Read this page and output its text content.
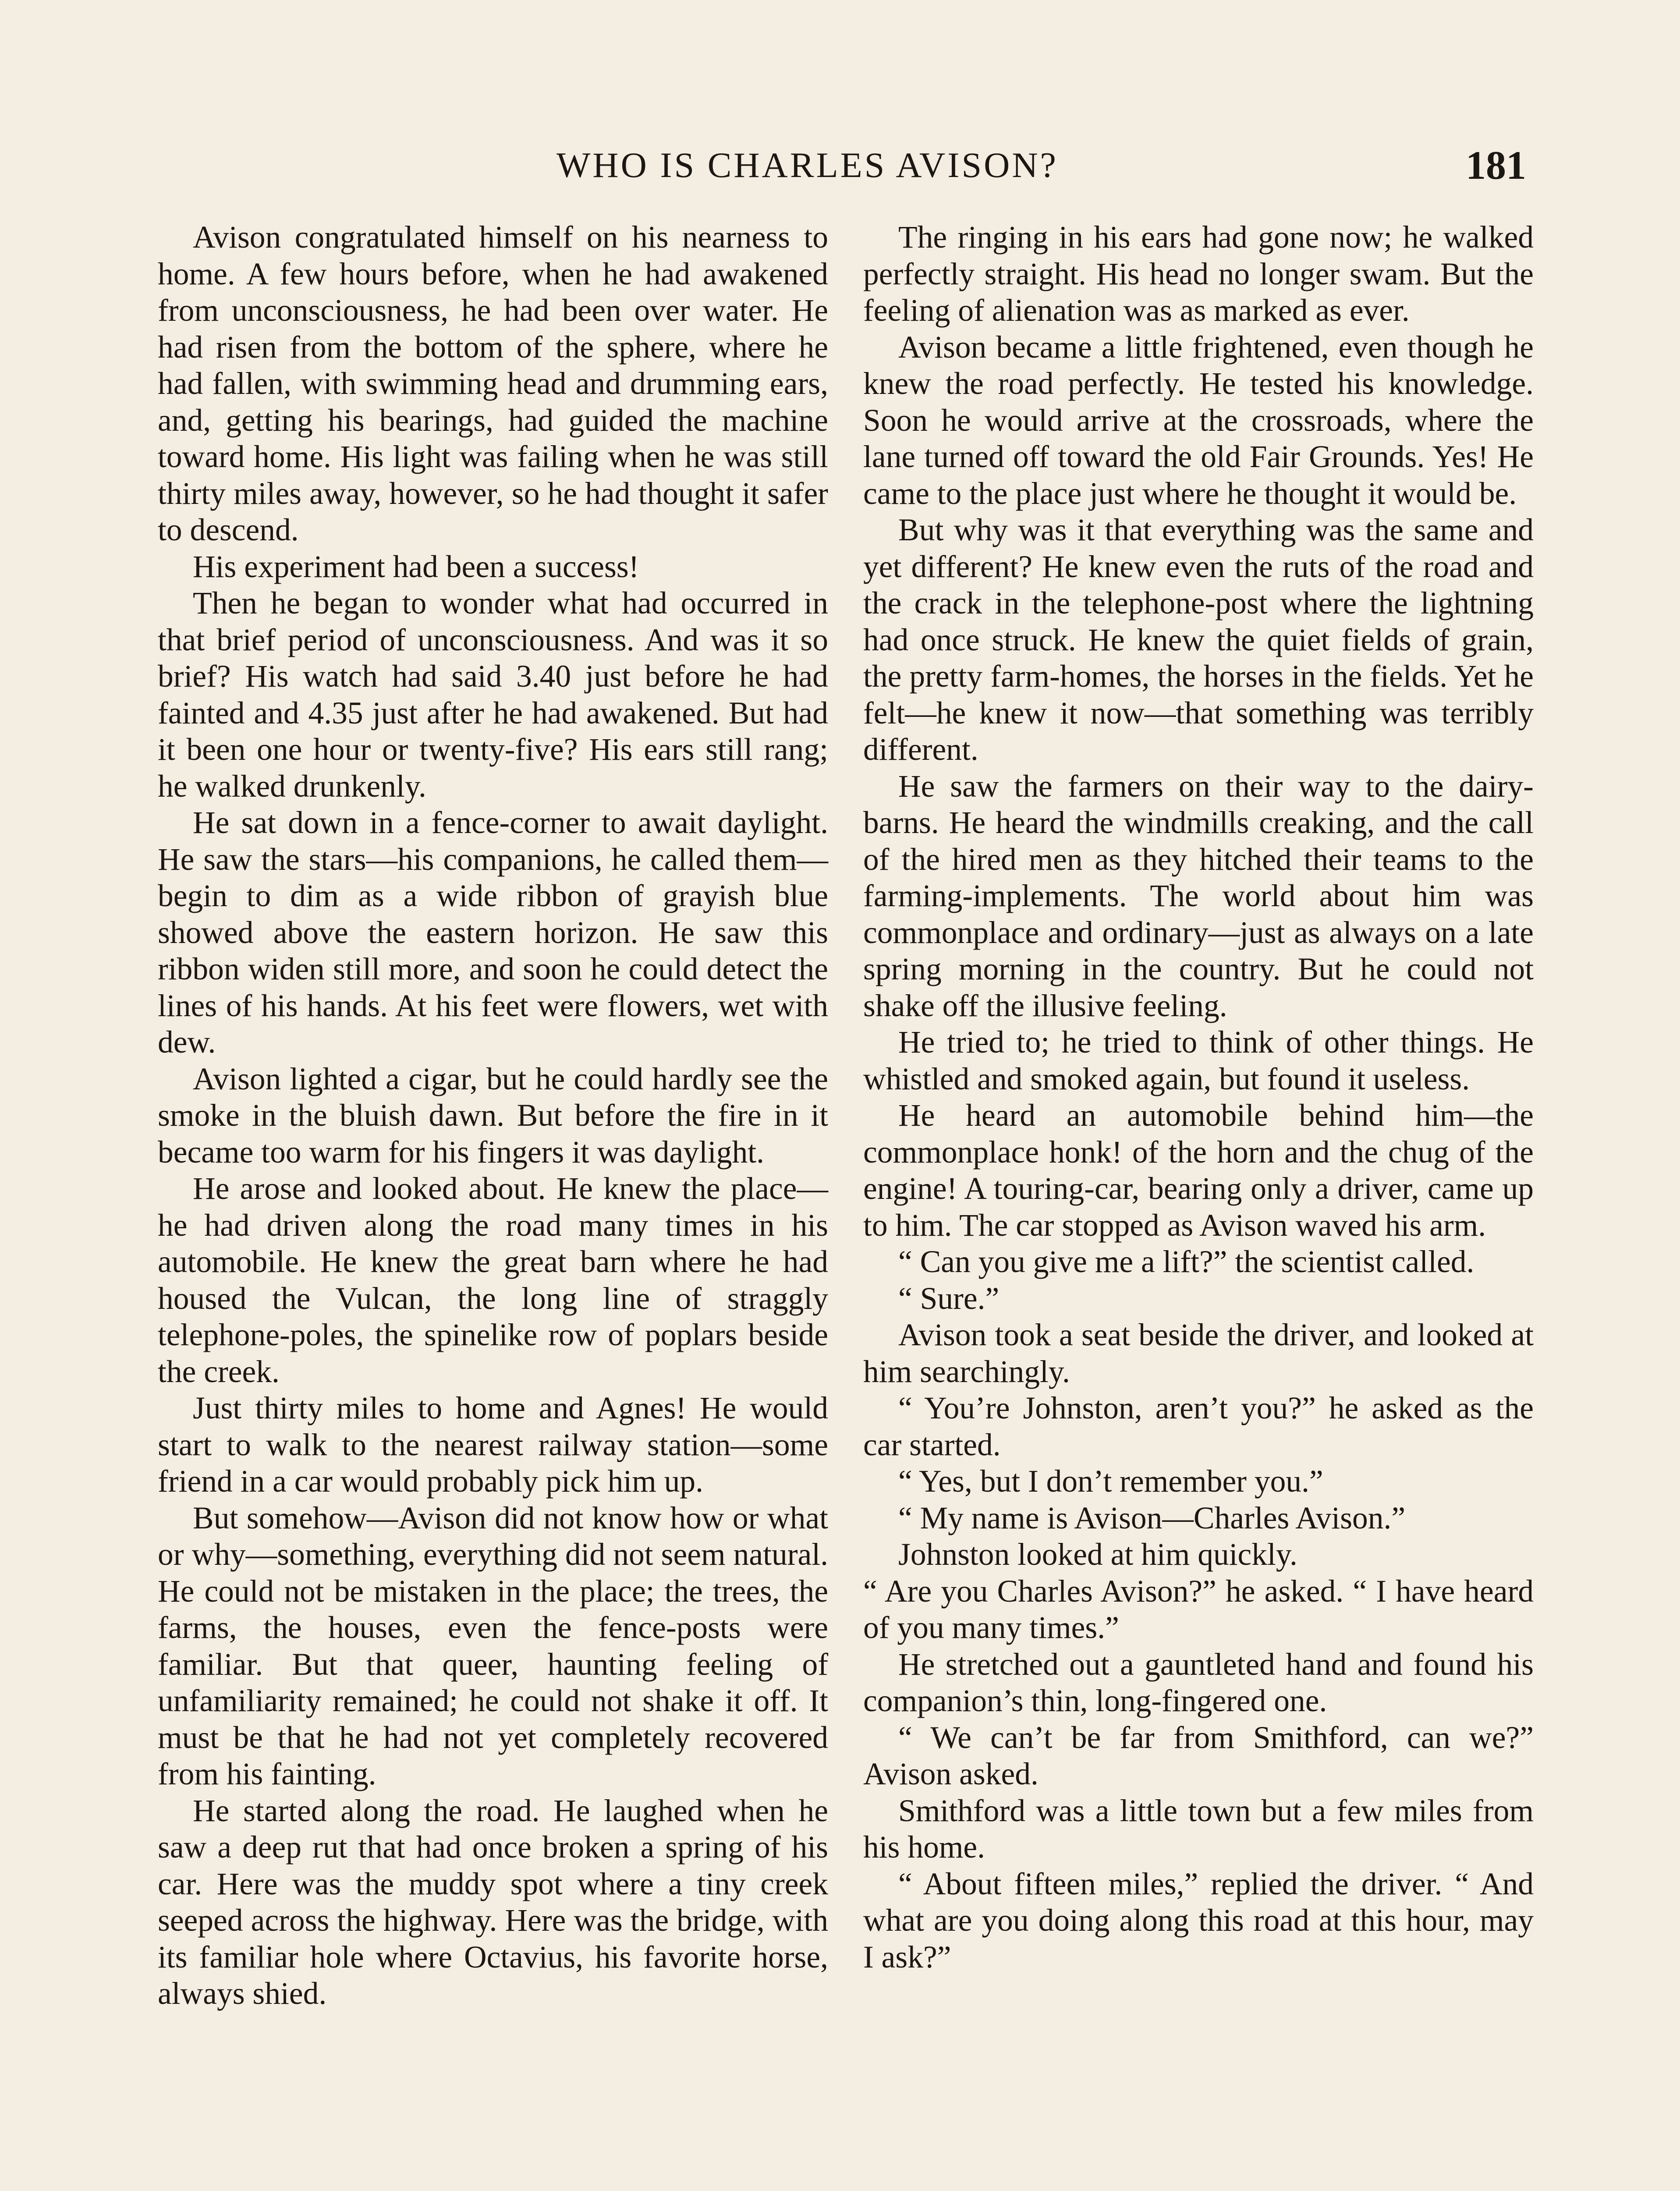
WHO IS CHARLES AVISON?	181

Avison congratulated himself on his nearness to home. A few hours before, when he had awakened from unconsciousness, he had been over water. He had risen from the bottom of the sphere, where he had fallen, with swimming head and drumming ears, and, getting his bearings, had guided the machine toward home. His light was failing when he was still thirty miles away, however, so he had thought it safer to descend.

His experiment had been a success!

Then he began to wonder what had occurred in that brief period of unconsciousness. And was it so brief? His watch had said 3.40 just before he had fainted and 4.35 just after he had awakened. But had it been one hour or twenty-five? His ears still rang; he walked drunkenly.

He sat down in a fence-corner to await daylight. He saw the stars—his companions, he called them—begin to dim as a wide ribbon of grayish blue showed above the eastern horizon. He saw this ribbon widen still more, and soon he could detect the lines of his hands. At his feet were flowers, wet with dew.

Avison lighted a cigar, but he could hardly see the smoke in the bluish dawn. But before the fire in it became too warm for his fingers it was daylight.

He arose and looked about. He knew the place—he had driven along the road many times in his automobile. He knew the great barn where he had housed the Vulcan, the long line of straggly telephone-poles, the spinelike row of poplars beside the creek.

Just thirty miles to home and Agnes! He would start to walk to the nearest railway station—some friend in a car would probably pick him up.

But somehow—Avison did not know how or what or why—something, everything did not seem natural. He could not be mistaken in the place; the trees, the farms, the houses, even the fence-posts were familiar. But that queer, haunting feeling of unfamiliarity remained; he could not shake it off. It must be that he had not yet completely recovered from his fainting.

He started along the road. He laughed when he saw a deep rut that had once broken a spring of his car. Here was the muddy spot where a tiny creek seeped across the highway. Here was the bridge, with its familiar hole where Octavius, his favorite horse, always shied.

The ringing in his ears had gone now; he walked perfectly straight. His head no longer swam. But the feeling of alienation was as marked as ever.

Avison became a little frightened, even though he knew the road perfectly. He tested his knowledge. Soon he would arrive at the crossroads, where the lane turned off toward the old Fair Grounds. Yes! He came to the place just where he thought it would be.

But why was it that everything was the same and yet different? He knew even the ruts of the road and the crack in the telephone-post where the lightning had once struck. He knew the quiet fields of grain, the pretty farm-homes, the horses in the fields. Yet he felt—he knew it now—that something was terribly different.

He saw the farmers on their way to the dairy-barns. He heard the windmills creaking, and the call of the hired men as they hitched their teams to the farming-implements. The world about him was commonplace and ordinary—just as always on a late spring morning in the country. But he could not shake off the illusive feeling.

He tried to; he tried to think of other things. He whistled and smoked again, but found it useless.

He heard an automobile behind him—the commonplace honk! of the horn and the chug of the engine! A touring-car, bearing only a driver, came up to him. The car stopped as Avison waved his arm.

“ Can you give me a lift?” the scientist called.

“ Sure.”

Avison took a seat beside the driver, and looked at him searchingly.

“ You’re Johnston, aren’t you?” he asked as the car started.

“ Yes, but I don’t remember you.”

“ My name is Avison—Charles Avison.”

Johnston looked at him quickly.

“ Are you Charles Avison?” he asked. “ I have heard of you many times.”

He stretched out a gauntleted hand and found his companion’s thin, long-fingered one.

“ We can’t be far from Smithford, can we?” Avison asked.

Smithford was a little town but a few miles from his home.

“ About fifteen miles,” replied the driver. “ And what are you doing along this road at this hour, may I ask?”
